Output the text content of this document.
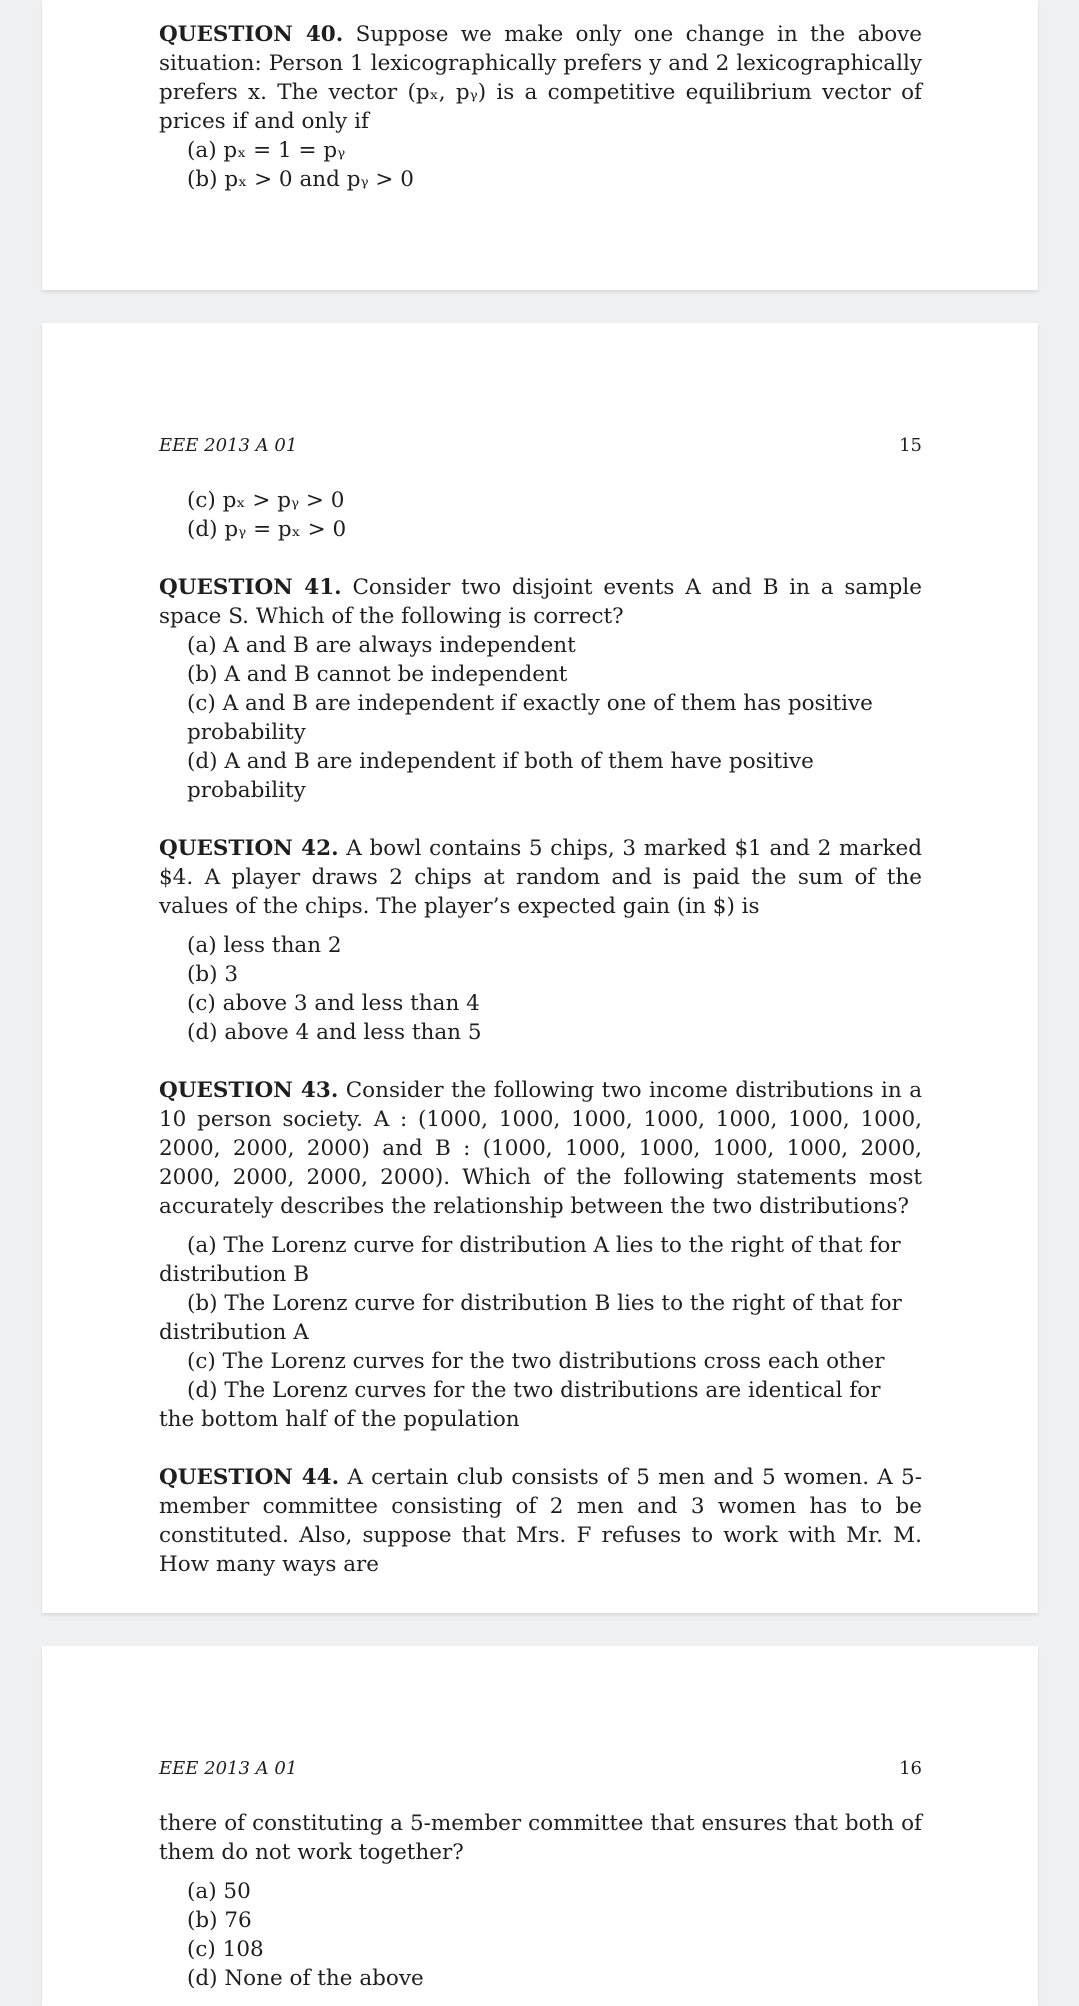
QUESTION 40. Suppose we make only one change in the above situation: Person 1 lexicographically prefers y and 2 lexicographically prefers x. The vector (pₓ, pᵧ) is a competitive equilibrium vector of prices if and only if

(a) pₓ = 1 = pᵧ

(b) pₓ > 0 and pᵧ > 0

EEE 2013 A 01	15

(c) pₓ > pᵧ > 0

(d) pᵧ = pₓ > 0

QUESTION 41. Consider two disjoint events A and B in a sample space S. Which of the following is correct?

(a) A and B are always independent

(b) A and B cannot be independent

(c) A and B are independent if exactly one of them has positive probability

(d) A and B are independent if both of them have positive probability

QUESTION 42. A bowl contains 5 chips, 3 marked $1 and 2 marked $4. A player draws 2 chips at random and is paid the sum of the values of the chips. The player’s expected gain (in $) is

(a) less than 2

(b) 3

(c) above 3 and less than 4

(d) above 4 and less than 5

QUESTION 43. Consider the following two income distributions in a 10 person society. A : (1000, 1000, 1000, 1000, 1000, 1000, 1000, 2000, 2000, 2000) and B : (1000, 1000, 1000, 1000, 1000, 2000, 2000, 2000, 2000, 2000). Which of the following statements most accurately describes the relationship between the two distributions?

(a) The Lorenz curve for distribution A lies to the right of that for distribution B

(b) The Lorenz curve for distribution B lies to the right of that for distribution A

(c) The Lorenz curves for the two distributions cross each other

(d) The Lorenz curves for the two distributions are identical for the bottom half of the population

QUESTION 44. A certain club consists of 5 men and 5 women. A 5-member committee consisting of 2 men and 3 women has to be constituted. Also, suppose that Mrs. F refuses to work with Mr. M. How many ways are

EEE 2013 A 01	16

there of constituting a 5-member committee that ensures that both of them do not work together?

(a) 50

(b) 76

(c) 108

(d) None of the above
